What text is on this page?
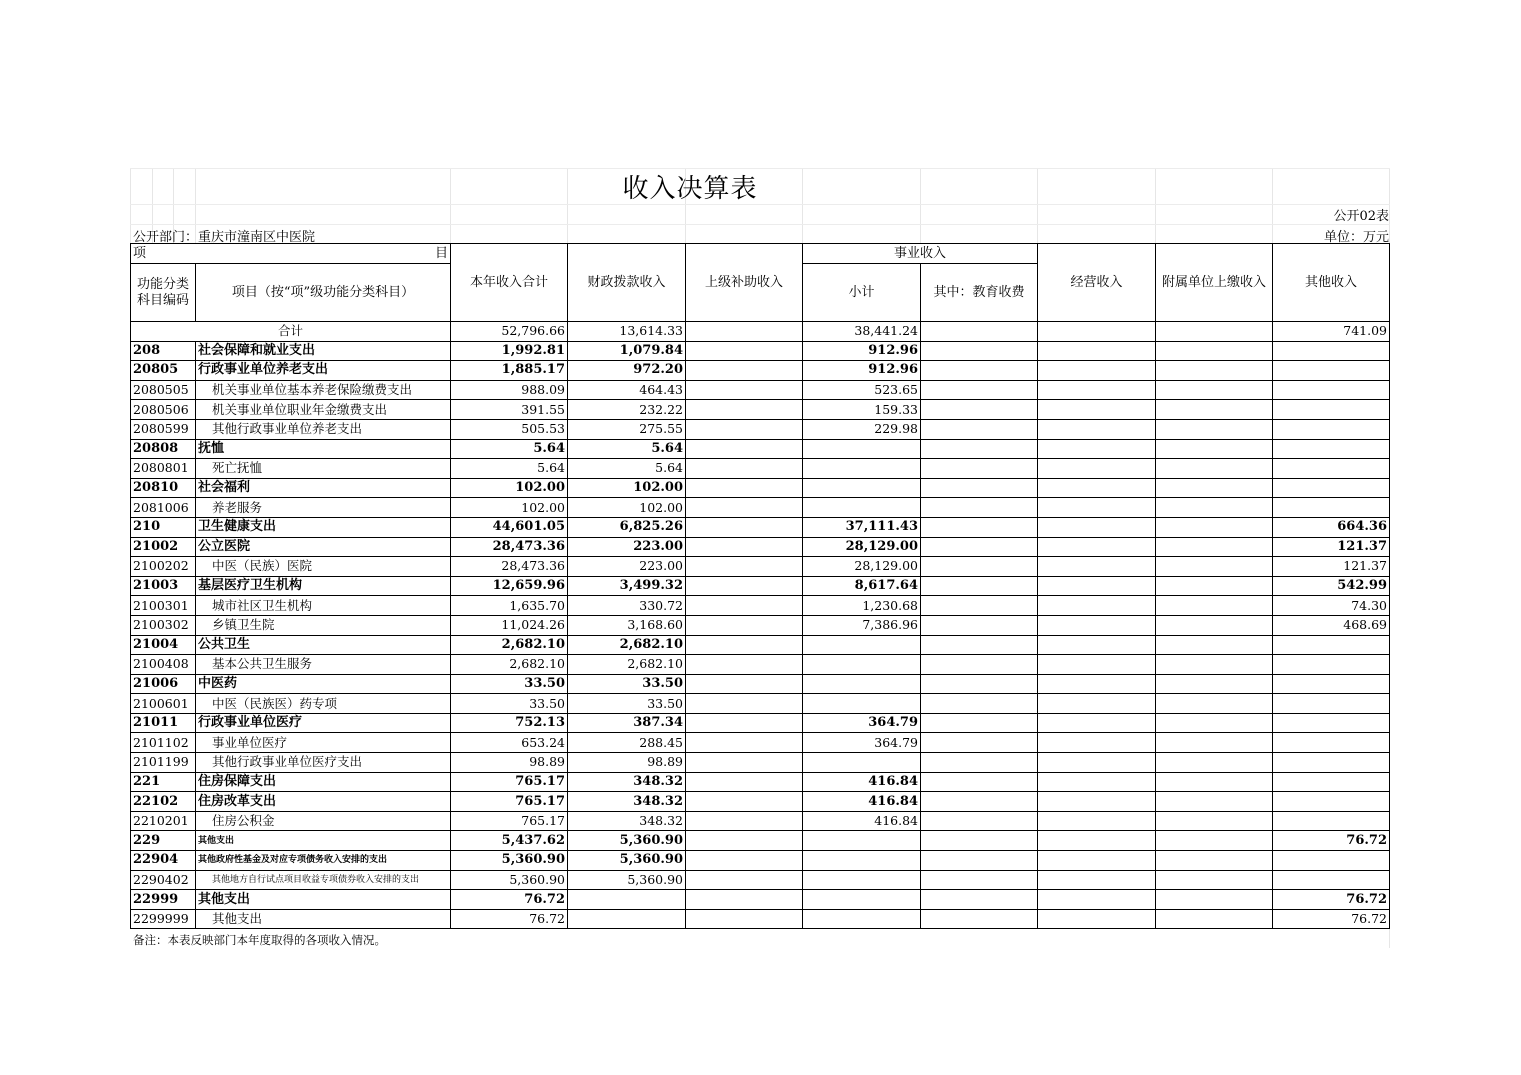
收入决算表
公开02表
公开部门：重庆市潼南区中医院	单位：万元
项 目		本年收入合计	财政拨款收入	上级补助收入	事业收入		经营收入	附属单位上缴收入	其他收入
功能分类科目编码	项目（按“项”级功能分类科目）				小计	其中：教育收费			
合计		52,796.66	13,614.33		38,441.24				741.09
208	社会保障和就业支出	1,992.81	1,079.84		912.96				
20805	行政事业单位养老支出	1,885.17	972.20		912.96				
2080505	机关事业单位基本养老保险缴费支出	988.09	464.43		523.65				
2080506	机关事业单位职业年金缴费支出	391.55	232.22		159.33				
2080599	其他行政事业单位养老支出	505.53	275.55		229.98				
20808	抚恤	5.64	5.64						
2080801	死亡抚恤	5.64	5.64						
20810	社会福利	102.00	102.00						
2081006	养老服务	102.00	102.00						
210	卫生健康支出	44,601.05	6,825.26		37,111.43				664.36
21002	公立医院	28,473.36	223.00		28,129.00				121.37
2100202	中医（民族）医院	28,473.36	223.00		28,129.00				121.37
21003	基层医疗卫生机构	12,659.96	3,499.32		8,617.64				542.99
2100301	城市社区卫生机构	1,635.70	330.72		1,230.68				74.30
2100302	乡镇卫生院	11,024.26	3,168.60		7,386.96				468.69
21004	公共卫生	2,682.10	2,682.10						
2100408	基本公共卫生服务	2,682.10	2,682.10						
21006	中医药	33.50	33.50						
2100601	中医（民族医）药专项	33.50	33.50						
21011	行政事业单位医疗	752.13	387.34		364.79				
2101102	事业单位医疗	653.24	288.45		364.79				
2101199	其他行政事业单位医疗支出	98.89	98.89						
221	住房保障支出	765.17	348.32		416.84				
22102	住房改革支出	765.17	348.32		416.84				
2210201	住房公积金	765.17	348.32		416.84				
229	其他支出	5,437.62	5,360.90						76.72
22904	其他政府性基金及对应专项债务收入安排的支出	5,360.90	5,360.90						
2290402	其他地方自行试点项目收益专项债券收入安排的支出	5,360.90	5,360.90						
22999	其他支出	76.72							76.72
2299999	其他支出	76.72							76.72
备注：本表反映部门本年度取得的各项收入情况。
